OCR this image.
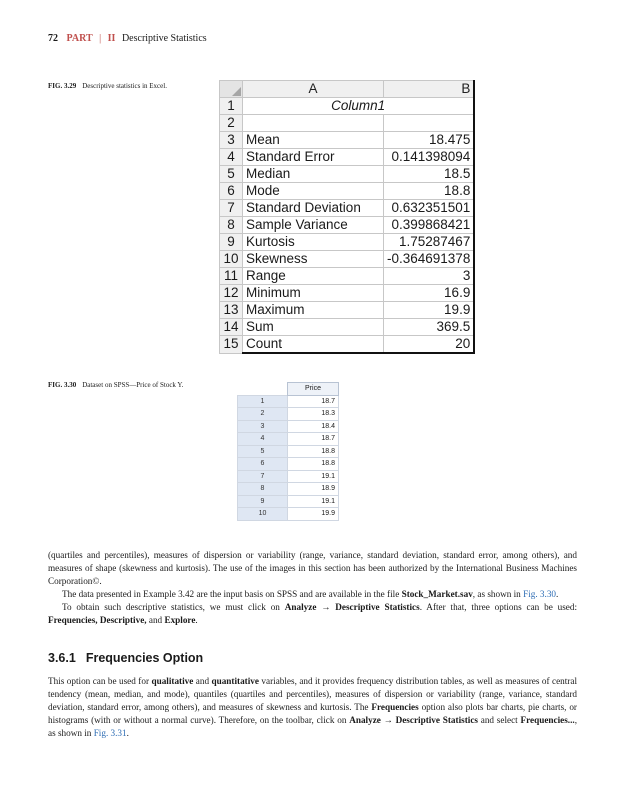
72 PART | II Descriptive Statistics
FIG. 3.29 Descriptive statistics in Excel.
		A	B
1	Column1	
2		
3	Mean	18.475
4	Standard Error	0.141398094
5	Median	18.5
6	Mode	18.8
7	Standard Deviation	0.632351501
8	Sample Variance	0.399868421
9	Kurtosis	1.75287467
10	Skewness	-0.364691378
11	Range	3
12	Minimum	16.9
13	Maximum	19.9
14	Sum	369.5
15	Count	20
FIG. 3.30 Dataset on SPSS—Price of Stock Y.
		Price
1	18.7
2	18.3
3	18.4
4	18.7
5	18.8
6	18.8
7	19.1
8	18.9
9	19.1
10	19.9

(quartiles and percentiles), measures of dispersion or variability (range, variance, standard deviation, standard error, among others), and measures of shape (skewness and kurtosis). The use of the images in this section has been authorized by the International Business Machines Corporation©.

The data presented in Example 3.42 are the input basis on SPSS and are available in the file Stock_Market.sav, as shown in Fig. 3.30.

To obtain such descriptive statistics, we must click on Analyze → Descriptive Statistics. After that, three options can be used: Frequencies, Descriptive, and Explore.

3.6.1 Frequencies Option

This option can be used for qualitative and quantitative variables, and it provides frequency distribution tables, as well as measures of central tendency (mean, median, and mode), quantiles (quartiles and percentiles), measures of dispersion or variability (range, variance, standard deviation, standard error, among others), and measures of skewness and kurtosis. The Frequencies option also plots bar charts, pie charts, or histograms (with or without a normal curve). Therefore, on the toolbar, click on Analyze → Descriptive Statistics and select Frequencies..., as shown in Fig. 3.31.
